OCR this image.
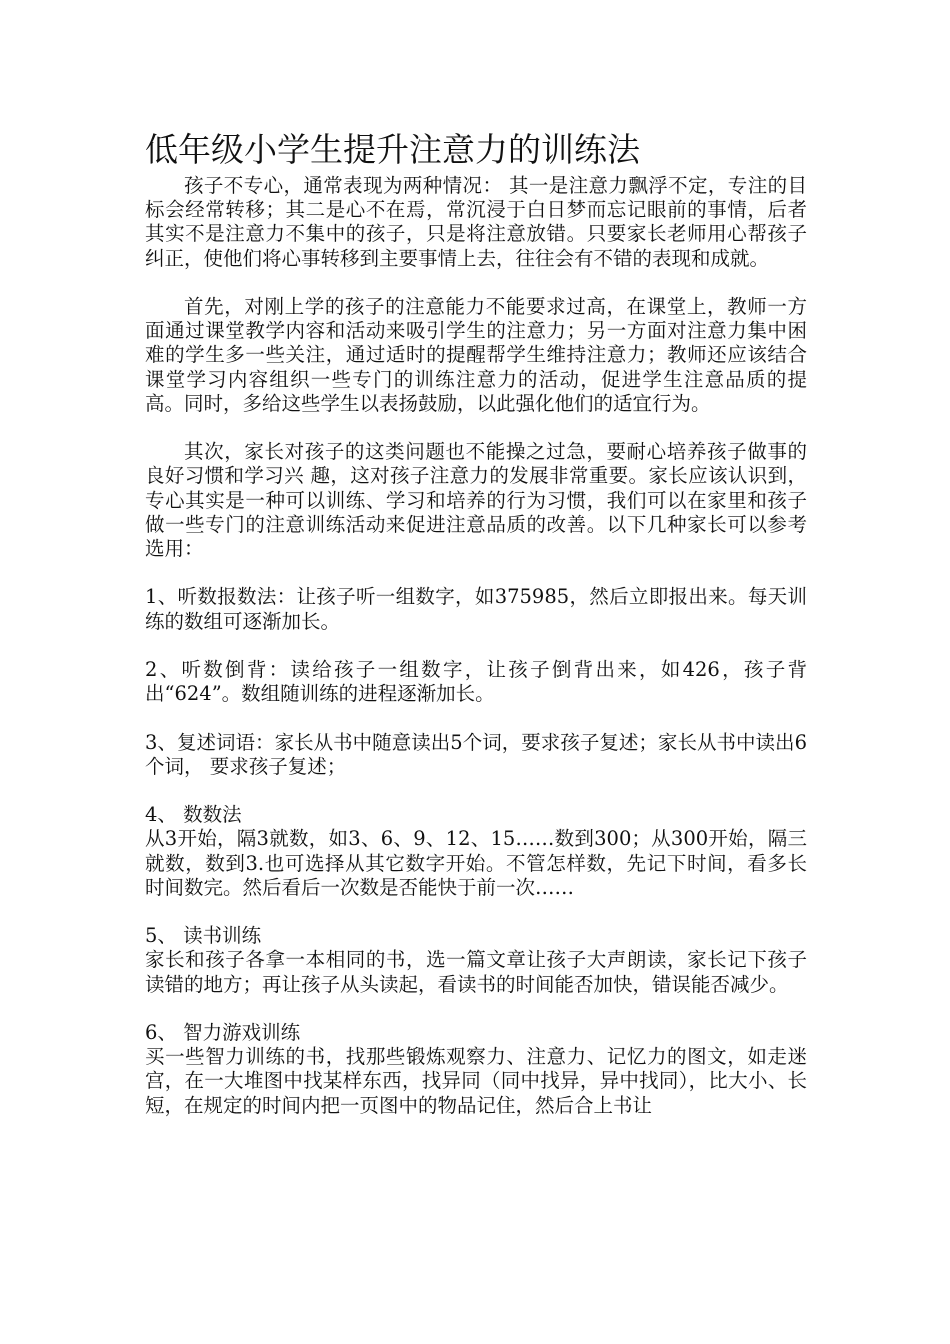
低年级小学生提升注意力的训练法

孩子不专心，通常表现为两种情况： 其一是注意力飘浮不定，专注的目标会经常转移；其二是心不在焉，常沉浸于白日梦而忘记眼前的事情，后者其实不是注意力不集中的孩子，只是将注意放错。只要家长老师用心帮孩子纠正，使他们将心事转移到主要事情上去，往往会有不错的表现和成就。

首先，对刚上学的孩子的注意能力不能要求过高，在课堂上，教师一方面通过课堂教学内容和活动来吸引学生的注意力；另一方面对注意力集中困难的学生多一些关注，通过适时的提醒帮学生维持注意力；教师还应该结合课堂学习内容组织一些专门的训练注意力的活动，促进学生注意品质的提高。同时，多给这些学生以表扬鼓励，以此强化他们的适宜行为。

其次，家长对孩子的这类问题也不能操之过急，要耐心培养孩子做事的良好习惯和学习兴 趣，这对孩子注意力的发展非常重要。家长应该认识到，专心其实是一种可以训练、学习和培养的行为习惯，我们可以在家里和孩子做一些专门的注意训练活动来促进注意品质的改善。以下几种家长可以参考选用：

1、听数报数法：让孩子听一组数字，如375985，然后立即报出来。每天训练的数组可逐渐加长。

2、听数倒背：读给孩子一组数字，让孩子倒背出来，如426，孩子背出“624”。数组随训练的进程逐渐加长。

3、复述词语：家长从书中随意读出5个词，要求孩子复述；家长从书中读出6个词， 要求孩子复述；

4、 数数法

从3开始，隔3就数，如3、6、9、12、15……数到300；从300开始，隔三就数，数到3.也可选择从其它数字开始。不管怎样数，先记下时间，看多长时间数完。然后看后一次数是否能快于前一次……

5、 读书训练

家长和孩子各拿一本相同的书，选一篇文章让孩子大声朗读，家长记下孩子读错的地方；再让孩子从头读起，看读书的时间能否加快，错误能否减少。

6、 智力游戏训练

买一些智力训练的书，找那些锻炼观察力、注意力、记忆力的图文，如走迷宫，在一大堆图中找某样东西，找异同（同中找异，异中找同），比大小、长短，在规定的时间内把一页图中的物品记住，然后合上书让
